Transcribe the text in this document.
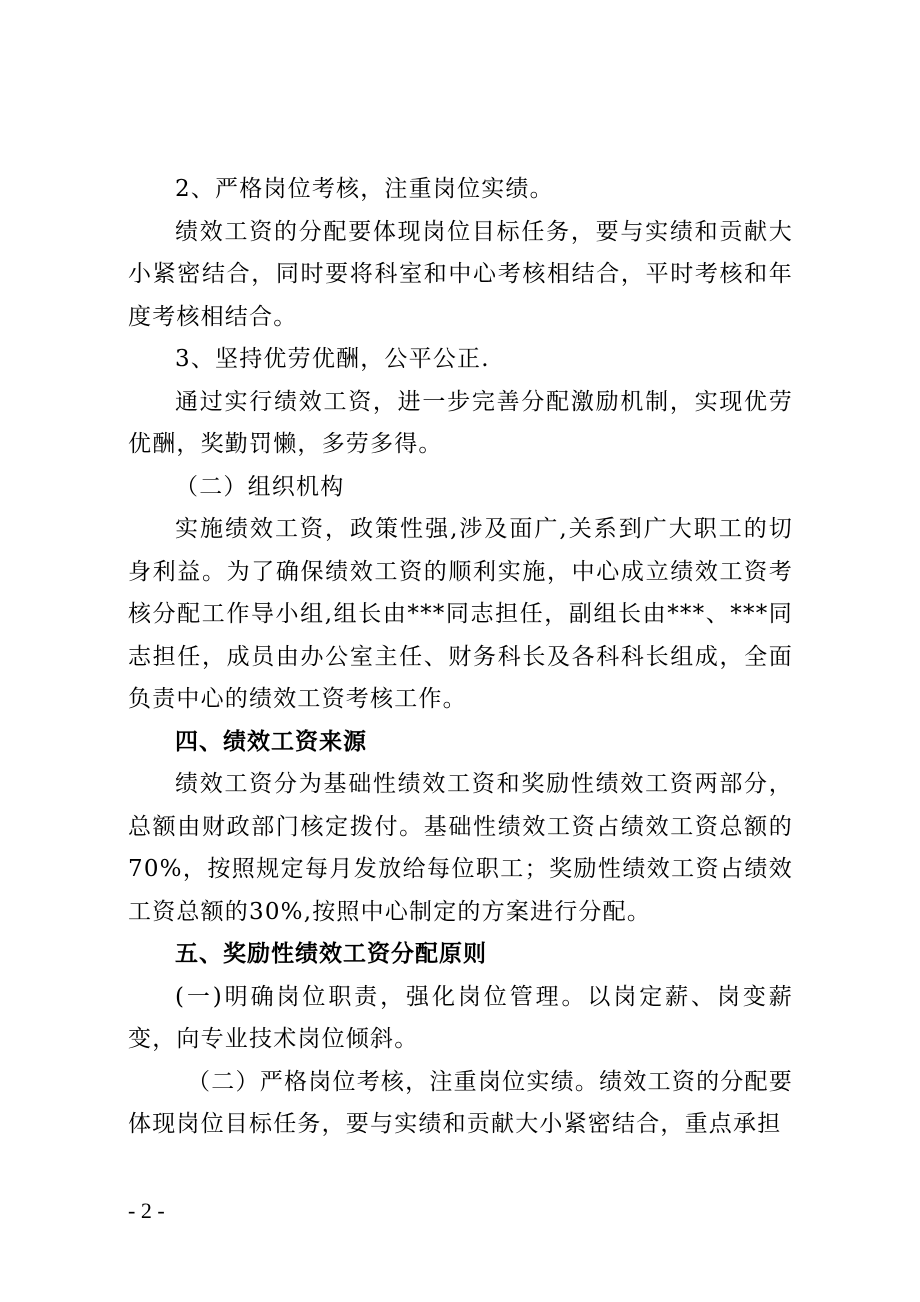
2、严格岗位考核，注重岗位实绩。

绩效工资的分配要体现岗位目标任务，要与实绩和贡献大小紧密结合，同时要将科室和中心考核相结合，平时考核和年度考核相结合。

3、坚持优劳优酬，公平公正.

通过实行绩效工资，进一步完善分配激励机制，实现优劳优酬，奖勤罚懒，多劳多得。

（二）组织机构

实施绩效工资，政策性强,涉及面广,关系到广大职工的切身利益。为了确保绩效工资的顺利实施，中心成立绩效工资考核分配工作导小组,组长由***同志担任，副组长由***、***同志担任，成员由办公室主任、财务科长及各科科长组成，全面负责中心的绩效工资考核工作。

四、绩效工资来源

绩效工资分为基础性绩效工资和奖励性绩效工资两部分，总额由财政部门核定拨付。基础性绩效工资占绩效工资总额的70%，按照规定每月发放给每位职工；奖励性绩效工资占绩效工资总额的30%,按照中心制定的方案进行分配。

五、奖励性绩效工资分配原则

(一)明确岗位职责，强化岗位管理。以岗定薪、岗变薪变，向专业技术岗位倾斜。

（二）严格岗位考核，注重岗位实绩。绩效工资的分配要体现岗位目标任务，要与实绩和贡献大小紧密结合，重点承担

- 2 -
